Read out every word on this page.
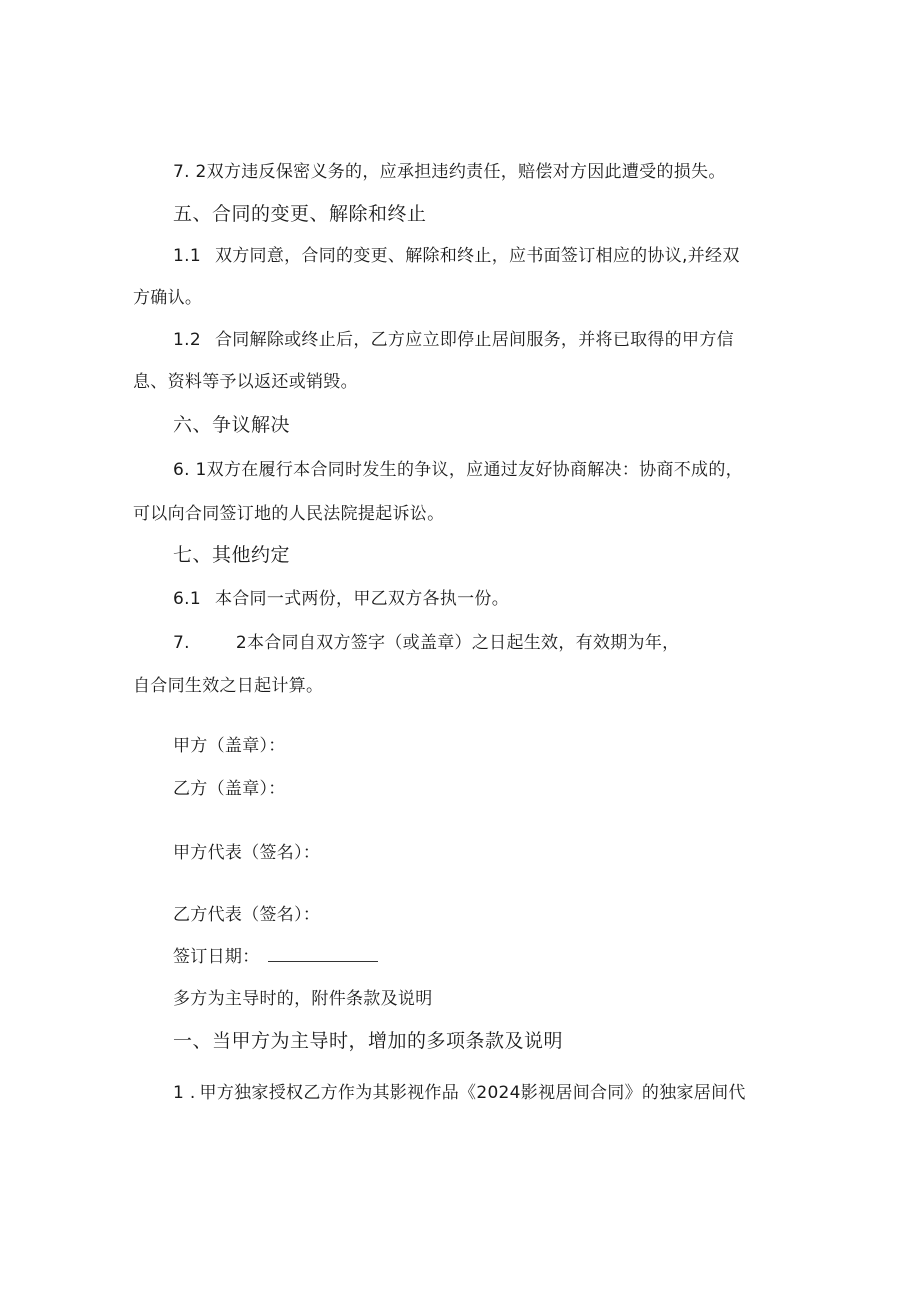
7. 2双方违反保密义务的，应承担违约责任，赔偿对方因此遭受的损失。
五、合同的变更、解除和终止
1.1 双方同意，合同的变更、解除和终止，应书面签订相应的协议,并经双
方确认。
1.2 合同解除或终止后，乙方应立即停止居间服务，并将已取得的甲方信
息、资料等予以返还或销毁。
六、争议解决
6. 1双方在履行本合同时发生的争议，应通过友好协商解决：协商不成的，
可以向合同签订地的人民法院提起诉讼。
七、其他约定
6.1 本合同一式两份，甲乙双方各执一份。
7.	2本合同自双方签字（或盖章）之日起生效，有效期为年，
自合同生效之日起计算。
甲方（盖章）：
乙方（盖章）：
甲方代表（签名）：
乙方代表（签名）：
签订日期：
多方为主导时的，附件条款及说明
一、当甲方为主导时，增加的多项条款及说明
1 . 甲方独家授权乙方作为其影视作品《2024影视居间合同》的独家居间代
